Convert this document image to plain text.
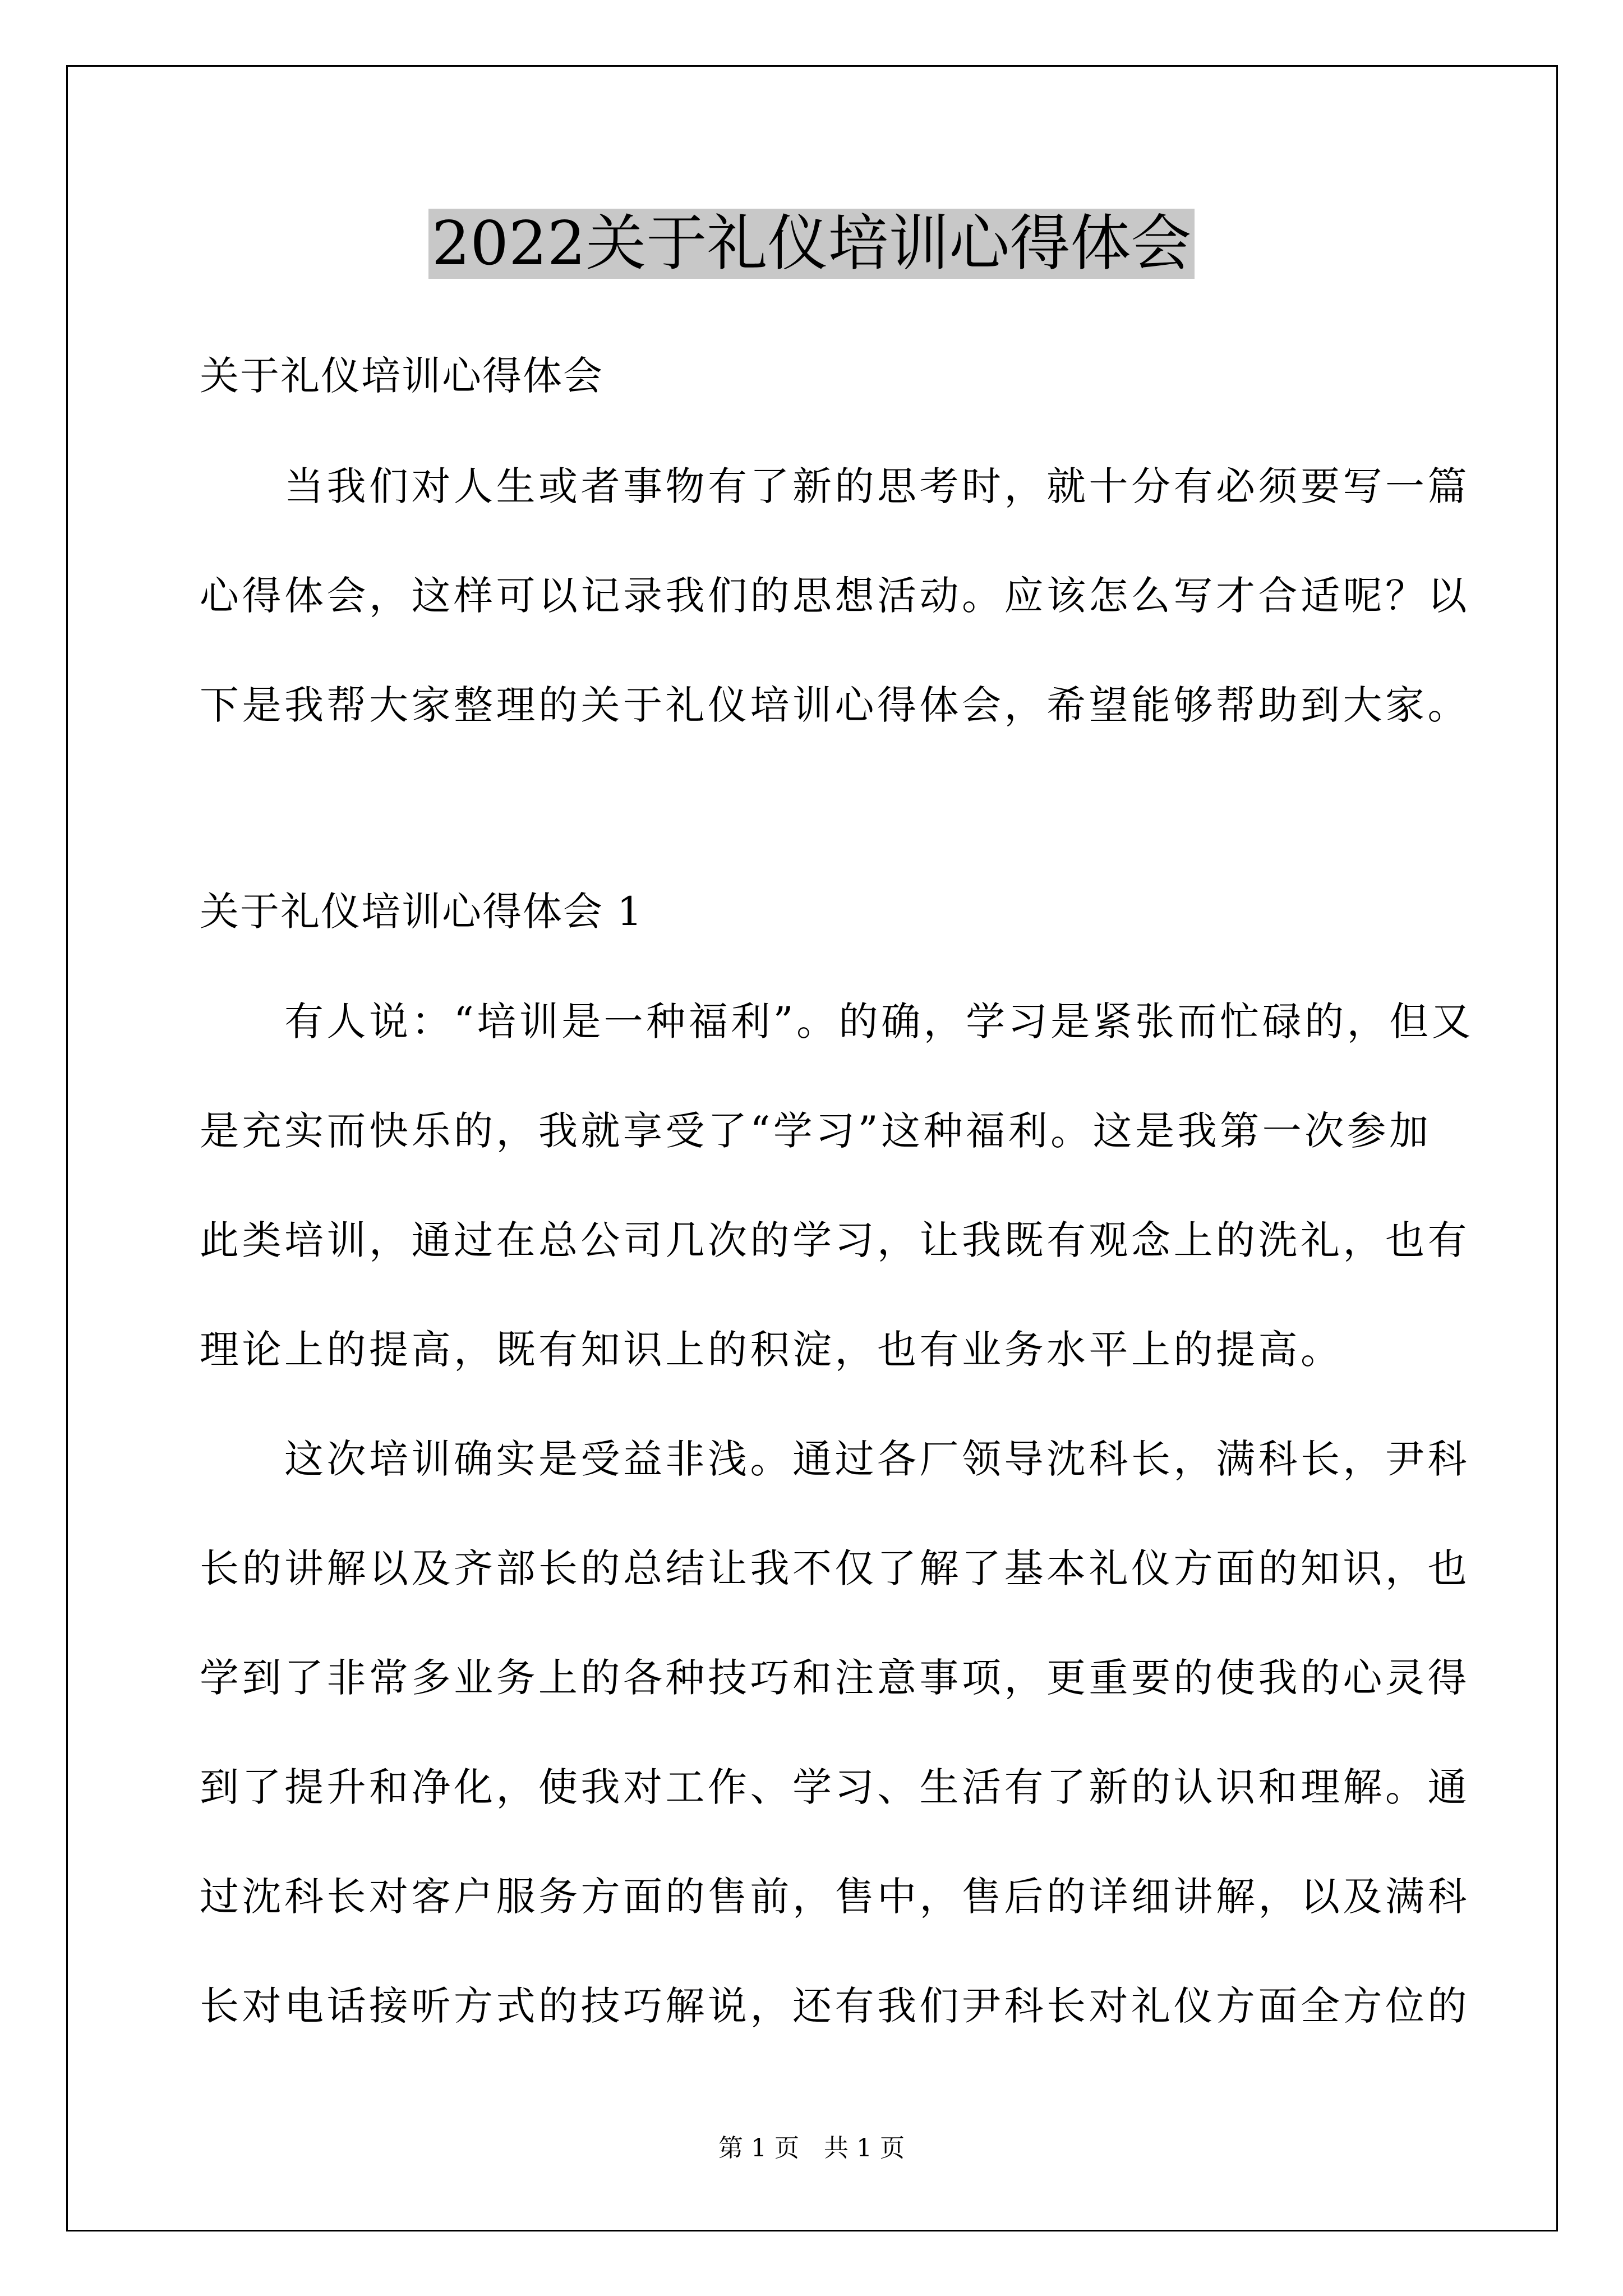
2022关于礼仪培训心得体会
关于礼仪培训心得体会
　　当我们对人生或者事物有了新的思考时，就十分有必须要写一篇
心得体会，这样可以记录我们的思想活动。应该怎么写才合适呢？以
下是我帮大家整理的关于礼仪培训心得体会，希望能够帮助到大家。
关于礼仪培训心得体会 1
　　有人说：“培训是一种福利”。的确，学习是紧张而忙碌的，但又
是充实而快乐的，我就享受了“学习”这种福利。这是我第一次参加
此类培训，通过在总公司几次的学习，让我既有观念上的洗礼，也有
理论上的提高，既有知识上的积淀，也有业务水平上的提高。
　　这次培训确实是受益非浅。通过各厂领导沈科长，满科长，尹科
长的讲解以及齐部长的总结让我不仅了解了基本礼仪方面的知识，也
学到了非常多业务上的各种技巧和注意事项，更重要的使我的心灵得
到了提升和净化，使我对工作、学习、生活有了新的认识和理解。通
过沈科长对客户服务方面的售前，售中，售后的详细讲解，以及满科
长对电话接听方式的技巧解说，还有我们尹科长对礼仪方面全方位的
第 1 页　共 1 页
